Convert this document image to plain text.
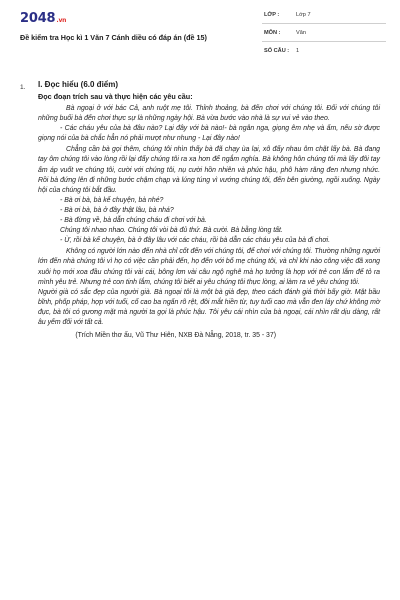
2048.vn
Đề kiểm tra Học kì 1 Văn 7 Cánh diều có đáp án (đề 15)
LỚP :	Lớp 7
MÔN :	Văn
SỐ CÂU : 1
1. I. Đọc hiểu (6.0 điểm)
Đọc đoạn trích sau và thực hiện các yêu cầu:

Bà ngoại ở với bác Cả, anh ruột mẹ tôi. Thỉnh thoảng, bà đến chơi với chúng tôi. Đối với chúng tôi những buổi bà đến chơi thực sự là những ngày hội. Bà vừa bước vào nhà là sự vui vẻ vào theo.

- Các cháu yêu của bà đâu nào? Lại đây với bà nào!- bà ngân nga, giọng êm nhẹ và ấm, nếu sờ được giọng nói của bà chắc hẳn nó phải mượt như nhung - Lại đây nào!

Chẳng cần bà gọi thêm, chúng tôi nhìn thấy bà đã chạy ùa lại, xô đẩy nhau ôm chặt lấy bà. Bà đang tay ôm chúng tôi vào lòng rồi lại đẩy chúng tôi ra xa hơn để ngắm nghía. Bà không hôn chúng tôi mà lấy đôi tay ấm áp vuốt ve chúng tôi, cười với chúng tôi, nụ cười hồn nhiên và phúc hậu, phô hàm răng đen nhưng nhức. Rồi bà đứng lên đi những bước chậm chạp và lúng túng vì vướng chúng tôi, đến bên giường, ngồi xuống. Ngày hội của chúng tôi bắt đầu.

- Bà ơi bà, bà kể chuyện, bà nhé?

- Bà ơi bà, bà ở đây thật lâu, bà nhá?

- Bà đừng về, bà dẫn chúng cháu đi chơi với bà.

Chúng tôi nhao nhao. Chúng tôi vòi bà đủ thứ. Bà cười. Bà bằng lòng tất.

- Ừ, rồi bà kể chuyện, bà ở đây lâu với các cháu, rồi bà dẫn các cháu yêu của bà đi chơi.

Không có người lớn nào đến nhà chỉ cốt đến với chúng tôi, để chơi với chúng tôi. Thường những người lớn đến nhà chúng tôi vì họ có việc cần phải đến, họ đến với bố mẹ chúng tôi, và chỉ khi nào công việc đã xong xuôi họ mới xoa đầu chúng tôi vài cái, bông lơn vài câu ngộ nghê mà họ tưởng là hợp với trẻ con lắm để tỏ ra mình yêu trẻ. Nhưng trẻ con tinh lắm, chúng tôi biết ai yêu chúng tôi thực lòng, ai làm ra vẻ yêu chúng tôi.

Người già có sắc đẹp của người già. Bà ngoại tôi là một bà già đẹp, theo cách đánh giá thời bấy giờ. Mặt bầu bĩnh, phốp pháp, hợp với tuổi, cổ cao ba ngấn rõ rệt, đôi mắt hiền từ, tuy tuổi cao mà vẫn đen láy chứ không mờ đục, bà tôi có gương mặt mà người ta gọi là phúc hậu. Tôi yêu cái nhìn của bà ngoại, cái nhìn rất dịu dàng, rất âu yếm đối với tất cả.

(Trích Miền thơ ấu, Vũ Thư Hiên, NXB Đà Nẵng, 2018, tr. 35 - 37)
